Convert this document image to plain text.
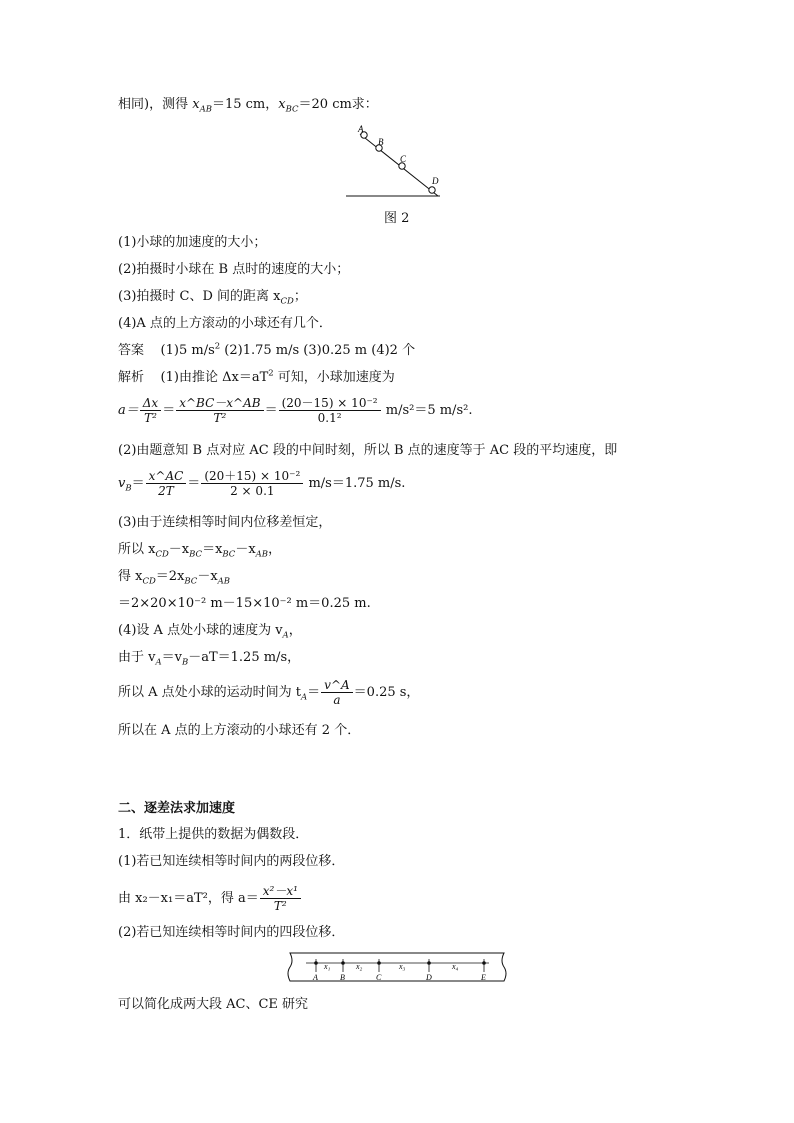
相同)，测得 $x_{AB}=15$ cm，$x_{BC}=20$ cm求：
A
B
C
D
图 2
(1)小球的加速度的大小；
(2)拍摄时小球在 B 点时的速度的大小；
(3)拍摄时 C、D 间的距离 $x_{CD}$；
(4)A 点的上方滚动的小球还有几个．
答案 (1)5 $m/s^2$ (2)1.75 m/s (3)0.25 m (4)2 个
解析 (1)由推论 $\Delta x=aT^2$ 可知，小球加速度为
$a= \frac{\Delta x}{\text{T²}} = \frac{x\^{}BC-x\^{}AB}{\text{T²}} = \frac{\text{(20－15) × 10⁻²}}{\text{0.1²}} m/s^2=5$ m/s².
(2)由题意知 B 点对应 AC 段的中间时刻，所以 B 点的速度等于 AC 段的平均速度，即
$v_B= \frac{x\^{}AC}{2T} = \frac{\text{(20＋15) × 10⁻²}}{2 \times 0.1} m/s=1.75$ m/s.
(3)由于连续相等时间内位移差恒定，
所以 $x_{CD}-x_{BC}=x_{BC}-x_{AB}$，
得 $x_{CD}=2x_{BC}-x_{AB}$
＝2×20×10⁻² m－15×10⁻² m＝0.25 m.
(4)设 A 点处小球的速度为 $v_A$，
由于 $v_A=v_B-aT=1.25$ m/s，
所以 A 点处小球的运动时间为 $t_A= \frac{v\^{}A}{a} =0.25$ s，
所以在 A 点的上方滚动的小球还有 2 个．
二、逐差法求加速度
1．纸带上提供的数据为偶数段．
(1)若已知连续相等时间内的两段位移．
由 x₂－x₁＝aT²，得 $a= \frac{\text{x²－x¹}}{\text{T²}}$
(2)若已知连续相等时间内的四段位移．
x₁	x₂	x₃	x₄
A	B	C	D	E
可以简化成两大段 AC、CE 研究
